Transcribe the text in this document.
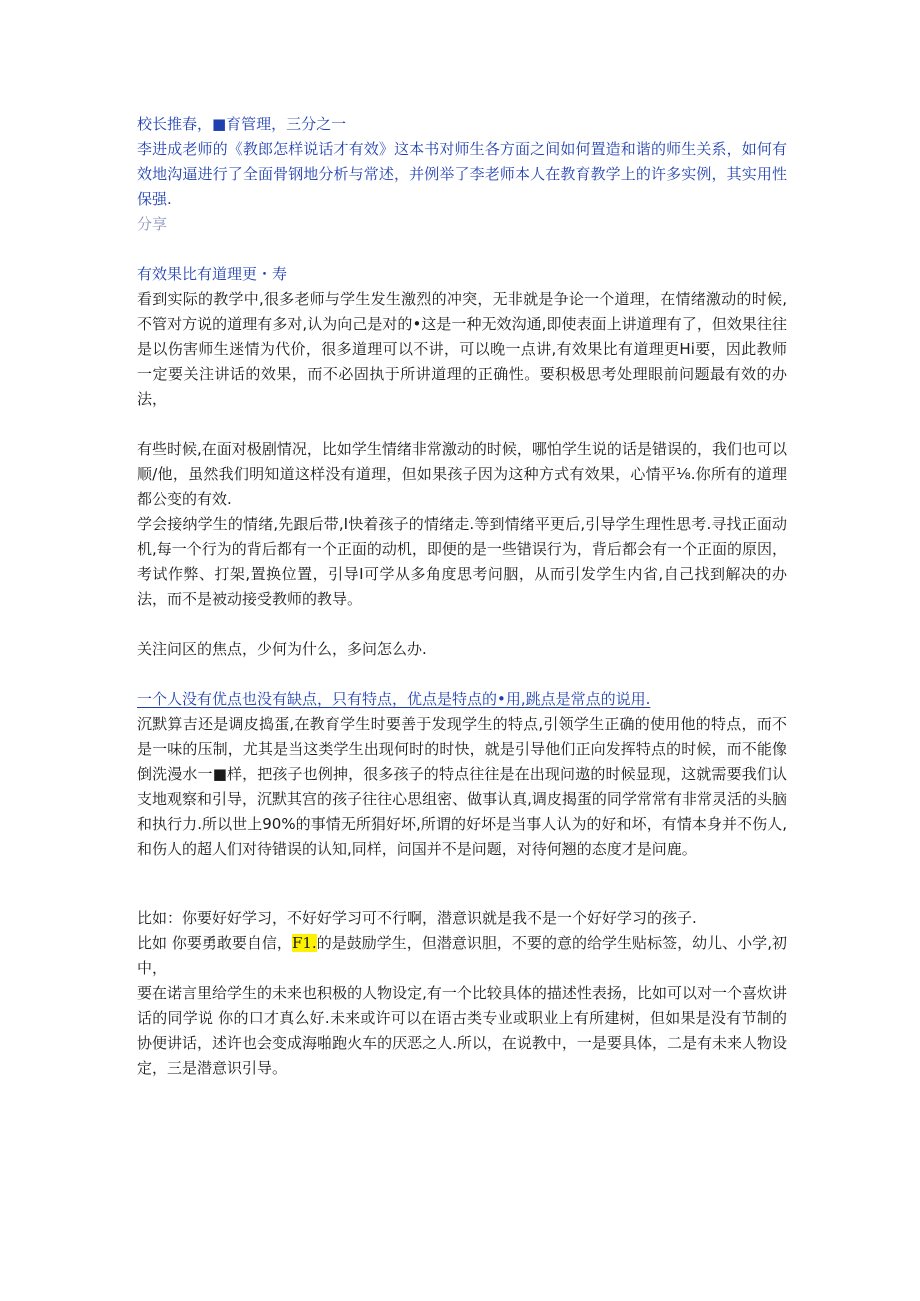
校长推春，■育管理，三分之一

李进成老师的《教郎怎样说话才有效》这本书对师生各方面之间如何置造和谐的师生关系，如何有效地沟逼进行了全面骨钢地分析与常述，并例举了李老师本人在教育教学上的许多实例，其实用性保强.

分享

有效果比有道理更・寿

看到实际的教学中,很多老师与学生发生激烈的冲突，无非就是争论一个道理，在情绪激动的时候,不管对方说的道理有多对,认为向己是对的•这是一种无效沟通,即使表面上讲道理有了，但效果往往是以伤害师生迷情为代价，很多道理可以不讲，可以晚一点讲,有效果比有道理更Hi要，因此教师一定要关注讲话的效果，而不必固执于所讲道理的正确性。要积极思考处理眼前问题最有效的办法，

有些时候,在面对极剧情况，比如学生情绪非常激动的时候，哪怕学生说的话是错误的，我们也可以顺/他，虽然我们明知道这样没有道理，但如果孩子因为这种方式有效果，心情平⅛.你所有的道理都公变的有效.

学会接纳学生的情绪,先跟后带,I快着孩子的情绪走.等到情绪平更后,引导学生理性思考.寻找正面动机,每一个行为的背后都有一个正面的动机，即便的是一些错误行为，背后都会有一个正面的原因，考试作弊、打架,置换位置，引导I可学从多角度思考问胭，从而引发学生内省,自己找到解决的办法，而不是被动接受教师的教导。

关注问区的焦点，少何为什么，多问怎么办.

一个人没有优点也没有缺点，只有特点，优点是特点的•用,跳点是常点的说用.

沉默算吉还是调皮捣蛋,在教育学生时要善于发现学生的特点,引领学生正确的使用他的特点，而不是一味的压制，尤其是当这类学生出现何时的时快，就是引导他们正向发挥特点的时候，而不能像倒洗漫水一■样，把孩子也例抻，很多孩子的特点往往是在出现问遨的时候显现，这就需要我们认支地观察和引导，沉默其宫的孩子往往心思组密、做事认真,调皮揭蛋的同学常常有非常灵活的头脑和执行力.所以世上90%的事情无所狷好坏,所谓的好坏是当事人认为的好和坏，有情本身并不伤人,和伤人的超人们对待错误的认知,同样，问国并不是问题，对待何翘的态度才是问鹿。

比如：你要好好学习，不好好学习可不行啊，潜意识就是我不是一个好好学习的孩子.

比如 你要勇敢要自信，F1.的是鼓励学生，但潜意识胆，不要的意的给学生贴标签，幼儿、小学,初中，

要在诺言里给学生的未来也积极的人物设定,有一个比较具体的描述性表扬，比如可以对一个喜炊讲话的同学说 你的口才真么好.未来或许可以在语古类专业或职业上有所建树，但如果是没有节制的协便讲话，述许也会变成海啪跑火车的厌恶之人.所以，在说教中，一是要具体，二是有未来人物设定，三是潜意识引导。
